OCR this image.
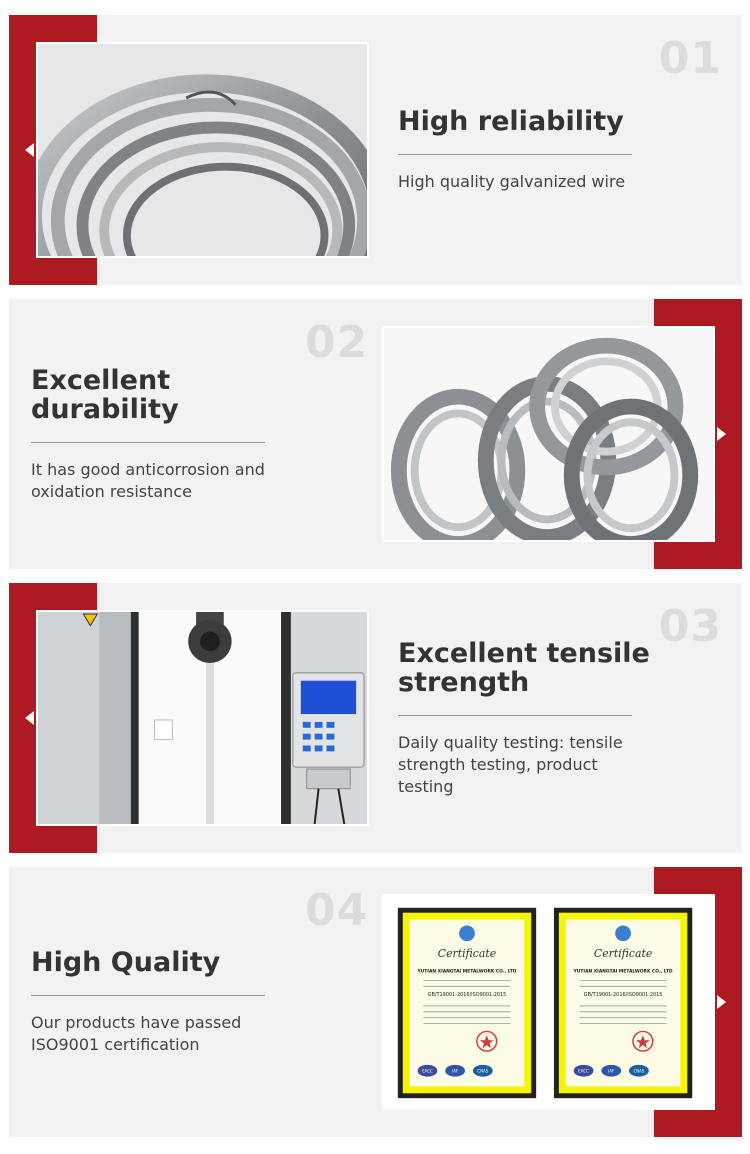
01
High reliability
High quality galvanized wire
02
Excellent durability
It has good anticorrosion and oxidation resistance
03
Excellent tensile strength
Daily quality testing: tensile strength testing, product testing
Certificate
YUTIAN XIANGTAI METALWORK CO., LTD
GB/T19001-2016/ISO9001:2015
EACC	IAF	CNAS
Certificate
YUTIAN XIANGTAI METALWORK CO., LTD
GB/T19001-2016/ISO9001:2015
EACC	IAF	CNAS
04
High Quality
Our products have passed ISO9001 certification
